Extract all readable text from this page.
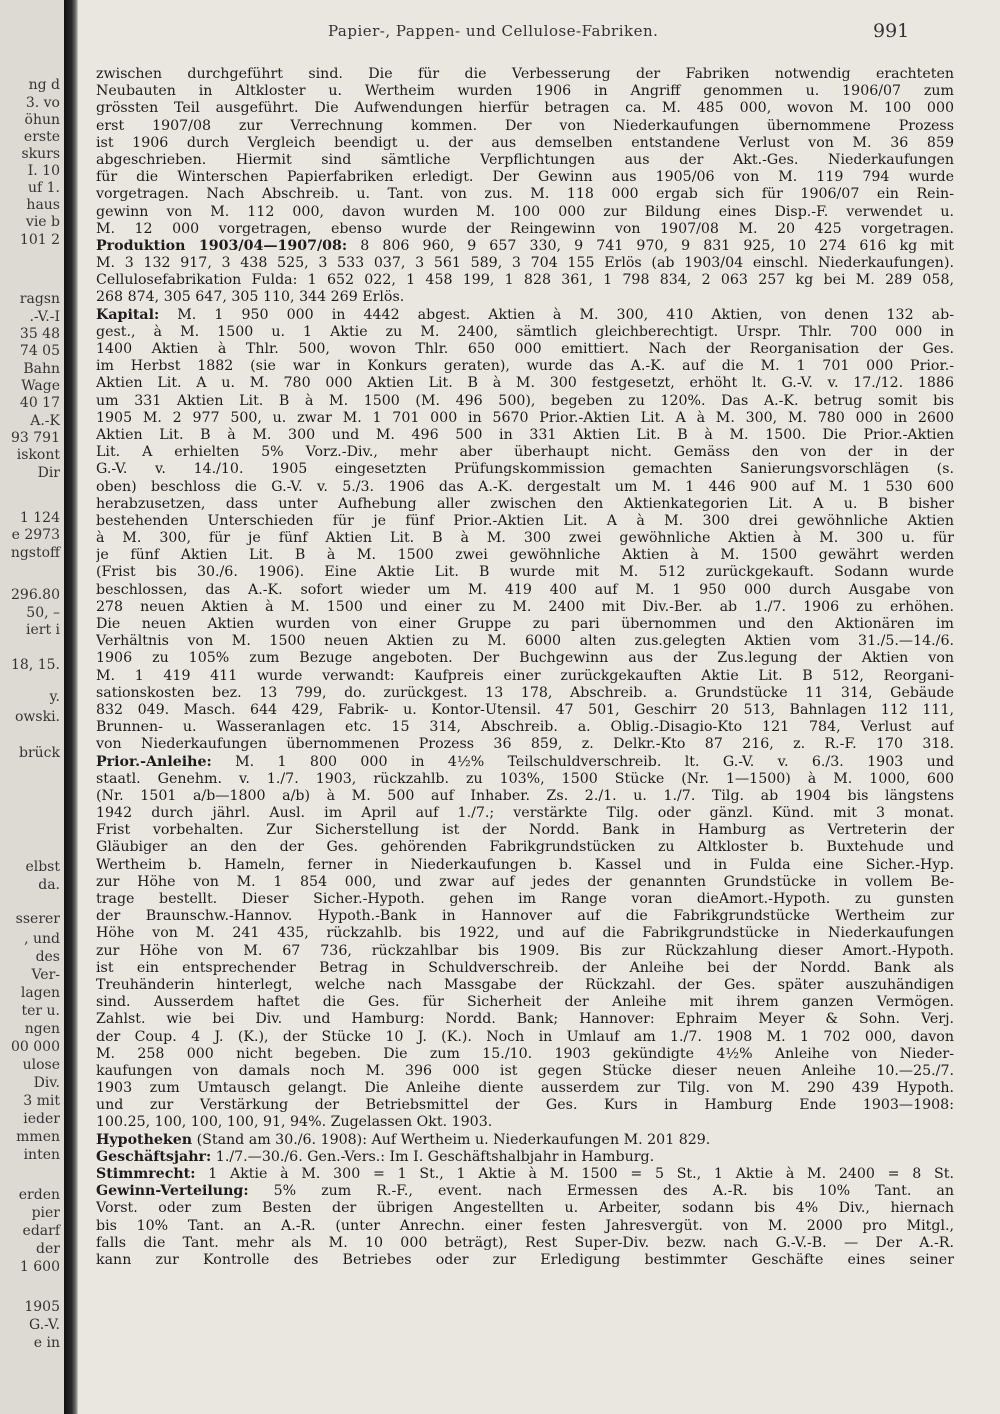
ng d
3. vo
öhun
erste
skurs
I. 10
uf 1.
haus
vie b
101 2
ragsn
.-V.-I
35 48
74 05
Bahn
Wage
40 17
A.-K
93 791
iskont
Dir
1 124
e 2973
ngstoff
296.80
50, –
iert i
18, 15.
y.
owski.
brück
elbst
da.
sserer
, und
des
Ver-
lagen
ter u.
ngen
00 000
ulose
Div.
3 mit
ieder
mmen
inten
erden
pier
edarf
der
1 600
1905
G.-V.
e in
Papier-, Pappen- und Cellulose-Fabriken.	991
zwischen durchgeführt sind. Die für die Verbesserung der Fabriken notwendig erachteten
Neubauten in Altkloster u. Wertheim wurden 1906 in Angriff genommen u. 1906/07 zum
grössten Teil ausgeführt. Die Aufwendungen hierfür betragen ca. M. 485 000, wovon M. 100 000
erst 1907/08 zur Verrechnung kommen. Der von Niederkaufungen übernommene Prozess
ist 1906 durch Vergleich beendigt u. der aus demselben entstandene Verlust von M. 36 859
abgeschrieben. Hiermit sind sämtliche Verpflichtungen aus der Akt.-Ges. Niederkaufungen
für die Winterschen Papierfabriken erledigt. Der Gewinn aus 1905/06 von M. 119 794 wurde
vorgetragen. Nach Abschreib. u. Tant. von zus. M. 118 000 ergab sich für 1906/07 ein Rein-
gewinn von M. 112 000, davon wurden M. 100 000 zur Bildung eines Disp.-F. verwendet u.
M. 12 000 vorgetragen, ebenso wurde der Reingewinn von 1907/08 M. 20 425 vorgetragen.
Produktion 1903/04—1907/08: 8 806 960, 9 657 330, 9 741 970, 9 831 925, 10 274 616 kg mit
M. 3 132 917, 3 438 525, 3 533 037, 3 561 589, 3 704 155 Erlös (ab 1903/04 einschl. Niederkaufungen).
Cellulosefabrikation Fulda: 1 652 022, 1 458 199, 1 828 361, 1 798 834, 2 063 257 kg bei M. 289 058,
268 874, 305 647, 305 110, 344 269 Erlös.
Kapital: M. 1 950 000 in 4442 abgest. Aktien à M. 300, 410 Aktien, von denen 132 ab-
gest., à M. 1500 u. 1 Aktie zu M. 2400, sämtlich gleichberechtigt. Urspr. Thlr. 700 000 in
1400 Aktien à Thlr. 500, wovon Thlr. 650 000 emittiert. Nach der Reorganisation der Ges.
im Herbst 1882 (sie war in Konkurs geraten), wurde das A.-K. auf die M. 1 701 000 Prior.-
Aktien Lit. A u. M. 780 000 Aktien Lit. B à M. 300 festgesetzt, erhöht lt. G.-V. v. 17./12. 1886
um 331 Aktien Lit. B à M. 1500 (M. 496 500), begeben zu 120%. Das A.-K. betrug somit bis
1905 M. 2 977 500, u. zwar M. 1 701 000 in 5670 Prior.-Aktien Lit. A à M. 300, M. 780 000 in 2600
Aktien Lit. B à M. 300 und M. 496 500 in 331 Aktien Lit. B à M. 1500. Die Prior.-Aktien
Lit. A erhielten 5% Vorz.-Div., mehr aber überhaupt nicht. Gemäss den von der in der
G.-V. v. 14./10. 1905 eingesetzten Prüfungskommission gemachten Sanierungsvorschlägen (s.
oben) beschloss die G.-V. v. 5./3. 1906 das A.-K. dergestalt um M. 1 446 900 auf M. 1 530 600
herabzusetzen, dass unter Aufhebung aller zwischen den Aktienkategorien Lit. A u. B bisher
bestehenden Unterschieden für je fünf Prior.-Aktien Lit. A à M. 300 drei gewöhnliche Aktien
à M. 300, für je fünf Aktien Lit. B à M. 300 zwei gewöhnliche Aktien à M. 300 u. für
je fünf Aktien Lit. B à M. 1500 zwei gewöhnliche Aktien à M. 1500 gewährt werden
(Frist bis 30./6. 1906). Eine Aktie Lit. B wurde mit M. 512 zurückgekauft. Sodann wurde
beschlossen, das A.-K. sofort wieder um M. 419 400 auf M. 1 950 000 durch Ausgabe von
278 neuen Aktien à M. 1500 und einer zu M. 2400 mit Div.-Ber. ab 1./7. 1906 zu erhöhen.
Die neuen Aktien wurden von einer Gruppe zu pari übernommen und den Aktionären im
Verhältnis von M. 1500 neuen Aktien zu M. 6000 alten zus.gelegten Aktien vom 31./5.—14./6.
1906 zu 105% zum Bezuge angeboten. Der Buchgewinn aus der Zus.legung der Aktien von
M. 1 419 411 wurde verwandt: Kaufpreis einer zurückgekauften Aktie Lit. B 512, Reorgani-
sationskosten bez. 13 799, do. zurückgest. 13 178, Abschreib. a. Grundstücke 11 314, Gebäude
832 049. Masch. 644 429, Fabrik- u. Kontor-Utensil. 47 501, Geschirr 20 513, Bahnlagen 112 111,
Brunnen- u. Wasseranlagen etc. 15 314, Abschreib. a. Oblig.-Disagio-Kto 121 784, Verlust auf
von Niederkaufungen übernommenen Prozess 36 859, z. Delkr.-Kto 87 216, z. R.-F. 170 318.
Prior.-Anleihe: M. 1 800 000 in 4½% Teilschuldverschreib. lt. G.-V. v. 6./3. 1903 und
staatl. Genehm. v. 1./7. 1903, rückzahlb. zu 103%, 1500 Stücke (Nr. 1—1500) à M. 1000, 600
(Nr. 1501 a/b—1800 a/b) à M. 500 auf Inhaber. Zs. 2./1. u. 1./7. Tilg. ab 1904 bis längstens
1942 durch jährl. Ausl. im April auf 1./7.; verstärkte Tilg. oder gänzl. Künd. mit 3 monat.
Frist vorbehalten. Zur Sicherstellung ist der Nordd. Bank in Hamburg as Vertreterin der
Gläubiger an den der Ges. gehörenden Fabrikgrundstücken zu Altkloster b. Buxtehude und
Wertheim b. Hameln, ferner in Niederkaufungen b. Kassel und in Fulda eine Sicher.-Hyp.
zur Höhe von M. 1 854 000, und zwar auf jedes der genannten Grundstücke in vollem Be-
trage bestellt. Dieser Sicher.-Hypoth. gehen im Range voran dieAmort.-Hypoth. zu gunsten
der Braunschw.-Hannov. Hypoth.-Bank in Hannover auf die Fabrikgrundstücke Wertheim zur
Höhe von M. 241 435, rückzahlb. bis 1922, und auf die Fabrikgrundstücke in Niederkaufungen
zur Höhe von M. 67 736, rückzahlbar bis 1909. Bis zur Rückzahlung dieser Amort.-Hypoth.
ist ein entsprechender Betrag in Schuldverschreib. der Anleihe bei der Nordd. Bank als
Treuhänderin hinterlegt, welche nach Massgabe der Rückzahl. der Ges. später auszuhändigen
sind. Ausserdem haftet die Ges. für Sicherheit der Anleihe mit ihrem ganzen Vermögen.
Zahlst. wie bei Div. und Hamburg: Nordd. Bank; Hannover: Ephraim Meyer & Sohn. Verj.
der Coup. 4 J. (K.), der Stücke 10 J. (K.). Noch in Umlauf am 1./7. 1908 M. 1 702 000, davon
M. 258 000 nicht begeben. Die zum 15./10. 1903 gekündigte 4½% Anleihe von Nieder-
kaufungen von damals noch M. 396 000 ist gegen Stücke dieser neuen Anleihe 10.—25./7.
1903 zum Umtausch gelangt. Die Anleihe diente ausserdem zur Tilg. von M. 290 439 Hypoth.
und zur Verstärkung der Betriebsmittel der Ges. Kurs in Hamburg Ende 1903—1908:
100.25, 100, 100, 100, 91, 94%. Zugelassen Okt. 1903.
Hypotheken (Stand am 30./6. 1908): Auf Wertheim u. Niederkaufungen M. 201 829.
Geschäftsjahr: 1./7.—30./6. Gen.-Vers.: Im I. Geschäftshalbjahr in Hamburg.
Stimmrecht: 1 Aktie à M. 300 = 1 St., 1 Aktie à M. 1500 = 5 St., 1 Aktie à M. 2400 = 8 St.
Gewinn-Verteilung: 5% zum R.-F., event. nach Ermessen des A.-R. bis 10% Tant. an
Vorst. oder zum Besten der übrigen Angestellten u. Arbeiter, sodann bis 4% Div., hiernach
bis 10% Tant. an A.-R. (unter Anrechn. einer festen Jahresvergüt. von M. 2000 pro Mitgl.,
falls die Tant. mehr als M. 10 000 beträgt), Rest Super-Div. bezw. nach G.-V.-B. — Der A.-R.
kann zur Kontrolle des Betriebes oder zur Erledigung bestimmter Geschäfte eines seiner
